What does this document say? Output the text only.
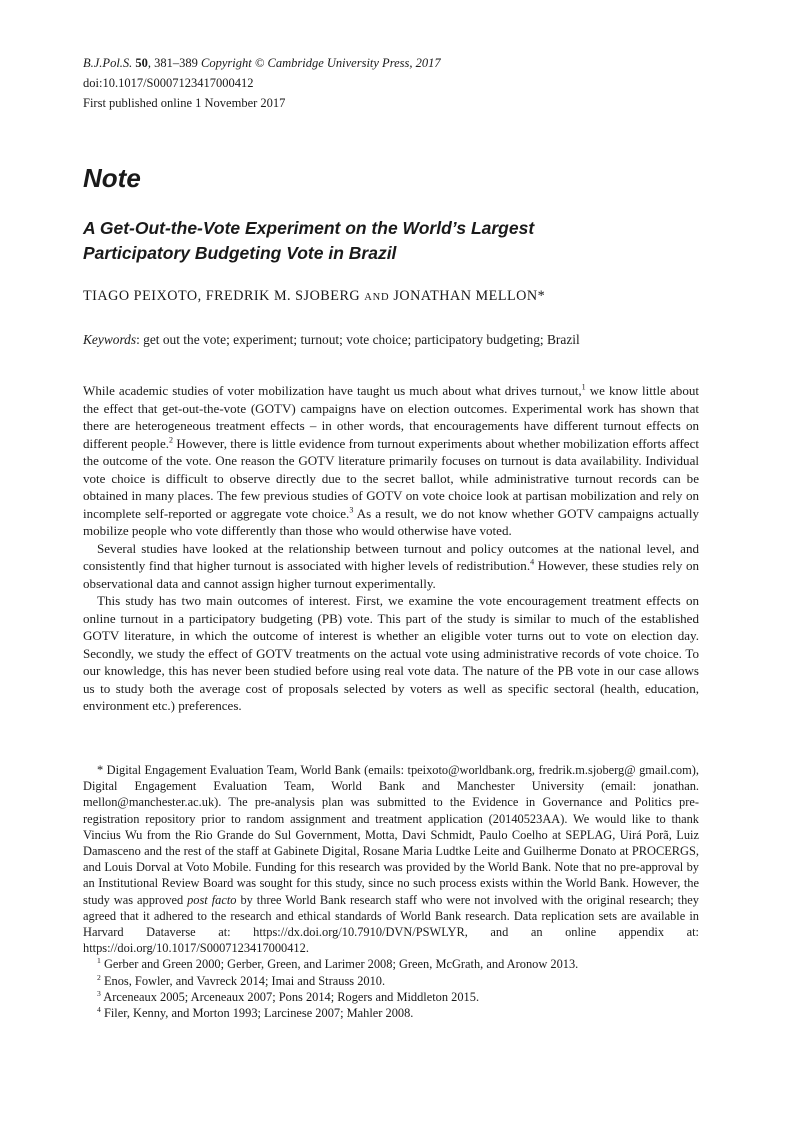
B.J.Pol.S. 50, 381–389 Copyright © Cambridge University Press, 2017
doi:10.1017/S0007123417000412
First published online 1 November 2017
Note
A Get-Out-the-Vote Experiment on the World’s Largest
Participatory Budgeting Vote in Brazil
TIAGO PEIXOTO, FREDRIK M. SJOBERG AND JONATHAN MELLON*
Keywords: get out the vote; experiment; turnout; vote choice; participatory budgeting; Brazil

While academic studies of voter mobilization have taught us much about what drives turnout,$^1$ we know little about the effect that get-out-the-vote (GOTV) campaigns have on election outcomes. Experimental work has shown that there are heterogeneous treatment effects – in other words, that encouragements have different turnout effects on different people.$^2$ However, there is little evidence from turnout experiments about whether mobilization efforts affect the outcome of the vote. One reason the GOTV literature primarily focuses on turnout is data availability. Individual vote choice is difficult to observe directly due to the secret ballot, while administrative turnout records can be obtained in many places. The few previous studies of GOTV on vote choice look at partisan mobilization and rely on incomplete self-reported or aggregate vote choice.$^3$ As a result, we do not know whether GOTV campaigns actually mobilize people who vote differently than those who would otherwise have voted.

Several studies have looked at the relationship between turnout and policy outcomes at the national level, and consistently find that higher turnout is associated with higher levels of redistribution.$^4$ However, these studies rely on observational data and cannot assign higher turnout experimentally.

This study has two main outcomes of interest. First, we examine the vote encouragement treatment effects on online turnout in a participatory budgeting (PB) vote. This part of the study is similar to much of the established GOTV literature, in which the outcome of interest is whether an eligible voter turns out to vote on election day. Secondly, we study the effect of GOTV treatments on the actual vote using administrative records of vote choice. To our knowledge, this has never been studied before using real vote data. The nature of the PB vote in our case allows us to study both the average cost of proposals selected by voters as well as specific sectoral (health, education, environment etc.) preferences.

* Digital Engagement Evaluation Team, World Bank (emails: tpeixoto@worldbank.org, fredrik.m.sjoberg@ gmail.com), Digital Engagement Evaluation Team, World Bank and Manchester University (email: jonathan. mellon@manchester.ac.uk). The pre-analysis plan was submitted to the Evidence in Governance and Politics pre-registration repository prior to random assignment and treatment application (20140523AA). We would like to thank Vincius Wu from the Rio Grande do Sul Government, Motta, Davi Schmidt, Paulo Coelho at SEPLAG, Uirá Porã, Luiz Damasceno and the rest of the staff at Gabinete Digital, Rosane Maria Ludtke Leite and Guilherme Donato at PROCERGS, and Louis Dorval at Voto Mobile. Funding for this research was provided by the World Bank. Note that no pre-approval by an Institutional Review Board was sought for this study, since no such process exists within the World Bank. However, the study was approved post facto by three World Bank research staff who were not involved with the original research; they agreed that it adhered to the research and ethical standards of World Bank research. Data replication sets are available in Harvard Dataverse at: https://dx.doi.org/10.7910/DVN/PSWLYR, and an online appendix at: https://doi.org/10.1017/S0007123417000412.

$^1$ Gerber and Green 2000; Gerber, Green, and Larimer 2008; Green, McGrath, and Aronow 2013.

$^2$ Enos, Fowler, and Vavreck 2014; Imai and Strauss 2010.

$^3$ Arceneaux 2005; Arceneaux 2007; Pons 2014; Rogers and Middleton 2015.

$^4$ Filer, Kenny, and Morton 1993; Larcinese 2007; Mahler 2008.
